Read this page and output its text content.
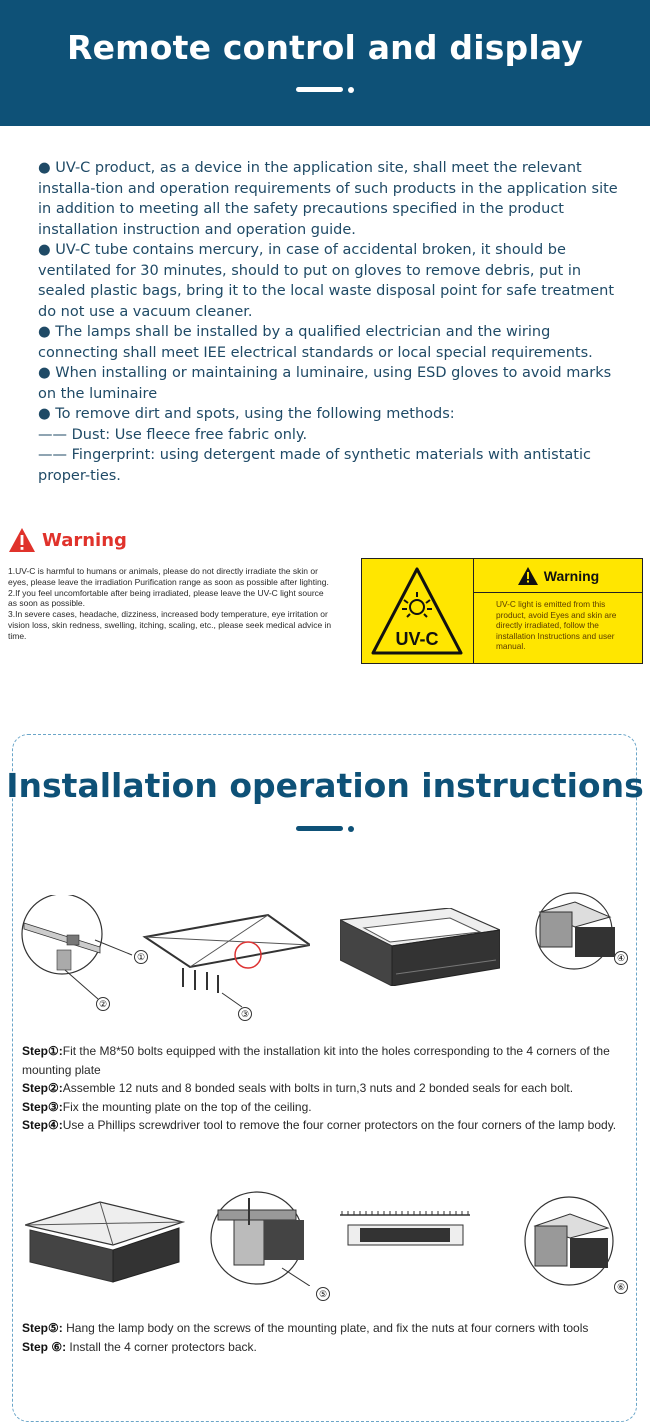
Remote control and display

● UV-C product, as a device in the application site, shall meet the relevant installa-tion and operation requirements of such products in the application site in addition to meeting all the safety precautions specified in the product installation instruction and operation guide.

● UV-C tube contains mercury, in case of accidental broken, it should be ventilated for 30 minutes, should to put on gloves to remove debris, put in sealed plastic bags, bring it to the local waste disposal point for safe treatment do not use a vacuum cleaner.

● The lamps shall be installed by a qualified electrician and the wiring connecting shall meet IEE electrical standards or local special requirements.

● When installing or maintaining a luminaire, using ESD gloves to avoid marks on the luminaire

● To remove dirt and spots, using the following methods:

—— Dust: Use fleece free fabric only.

—— Fingerprint: using detergent made of synthetic materials with antistatic proper-ties.

Warning

1.UV-C is harmful to humans or animals, please do not directly irradiate the skin or eyes, please leave the irradiation Purification range as soon as possible after lighting.

2.If you feel uncomfortable after being irradiated, please leave the UV-C light source as soon as possible.

3.In severe cases, headache, dizziness, increased body temperature, eye irritation or vision loss, skin redness, swelling, itching, scaling, etc., please seek medical advice in time.	UV-C
Warning
UV-C light is emitted from this product, avoid Eyes and skin are directly irradiated, follow the installation Instructions and user manual.
Installation operation instructions
①
②
③
④
Step①:Fit the M8*50 bolts equipped with the installation kit into the holes corresponding to the 4 corners of the mounting plate
Step②:Assemble 12 nuts and 8 bonded seals with bolts in turn,3 nuts and 2 bonded seals for each bolt.
Step③:Fix the mounting plate on the top of the ceiling.
Step④:Use a Phillips screwdriver tool to remove the four corner protectors on the four corners of the lamp body.
⑤
⑥
Step⑤: Hang the lamp body on the screws of the mounting plate, and fix the nuts at four corners with tools
Step ⑥: Install the 4 corner protectors back.
